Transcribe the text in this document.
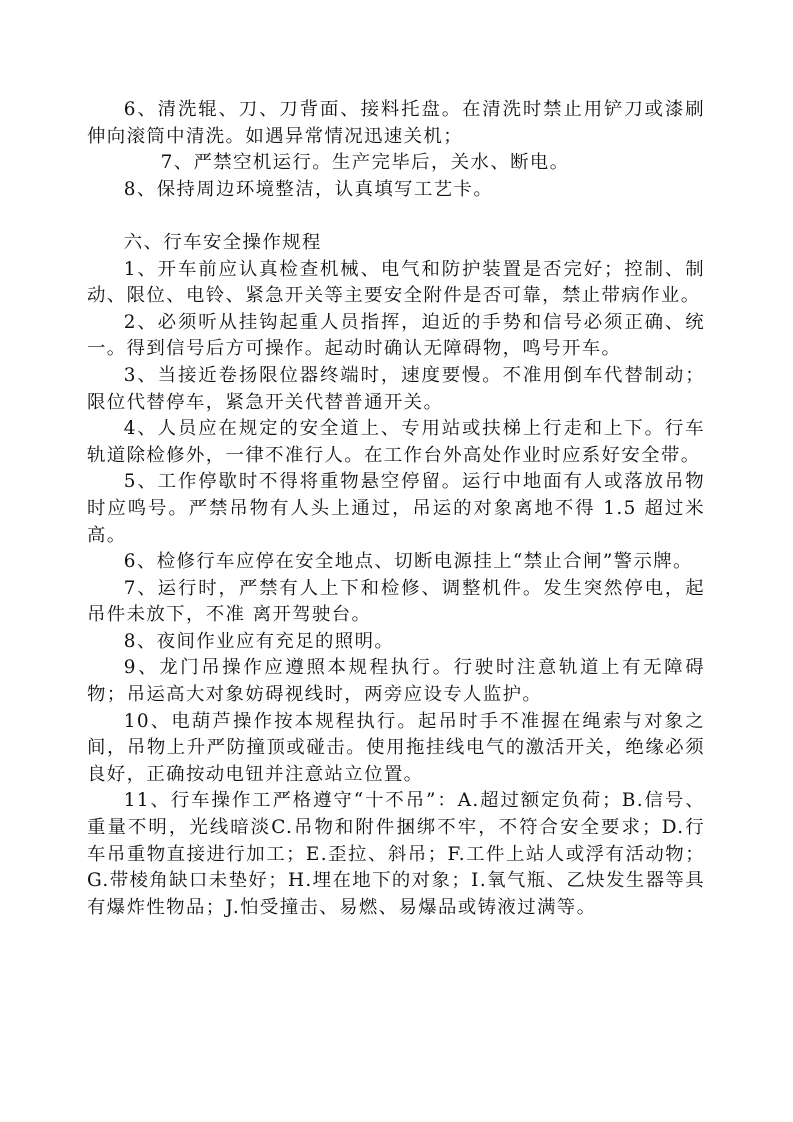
6、清洗辊、刀、刀背面、接料托盘。在清洗时禁止用铲刀或漆刷伸向滚筒中清洗。如遇异常情况迅速关机；

7、严禁空机运行。生产完毕后，关水、断电。

8、保持周边环境整洁，认真填写工艺卡。

六、行车安全操作规程

1、开车前应认真检查机械、电气和防护装置是否完好；控制、制动、限位、电铃、紧急开关等主要安全附件是否可靠，禁止带病作业。

2、必须听从挂钩起重人员指挥，迫近的手势和信号必须正确、统一。得到信号后方可操作。起动时确认无障碍物，鸣号开车。

3、当接近卷扬限位器终端时，速度要慢。不准用倒车代替制动；限位代替停车，紧急开关代替普通开关。

4、人员应在规定的安全道上、专用站或扶梯上行走和上下。行车轨道除检修外，一律不准行人。在工作台外高处作业时应系好安全带。

5、工作停歇时不得将重物悬空停留。运行中地面有人或落放吊物时应鸣号。严禁吊物有人头上通过，吊运的对象离地不得 1.5 超过米高。

6、检修行车应停在安全地点、切断电源挂上“禁止合闸”警示牌。

7、运行时，严禁有人上下和检修、调整机件。发生突然停电，起吊件未放下，不准 离开驾驶台。

8、夜间作业应有充足的照明。

9、龙门吊操作应遵照本规程执行。行驶时注意轨道上有无障碍物；吊运高大对象妨碍视线时，两旁应设专人监护。

10、电葫芦操作按本规程执行。起吊时手不准握在绳索与对象之间，吊物上升严防撞顶或碰击。使用拖挂线电气的激活开关，绝缘必须良好，正确按动电钮并注意站立位置。

11、行车操作工严格遵守“十不吊”：A.超过额定负荷；B.信号、重量不明，光线暗淡C.吊物和附件捆绑不牢，不符合安全要求；D.行车吊重物直接进行加工；E.歪拉、斜吊；F.工件上站人或浮有活动物；G.带棱角缺口未垫好；H.埋在地下的对象；I.氧气瓶、乙炔发生器等具有爆炸性物品；J.怕受撞击、易燃、易爆品或铸液过满等。
